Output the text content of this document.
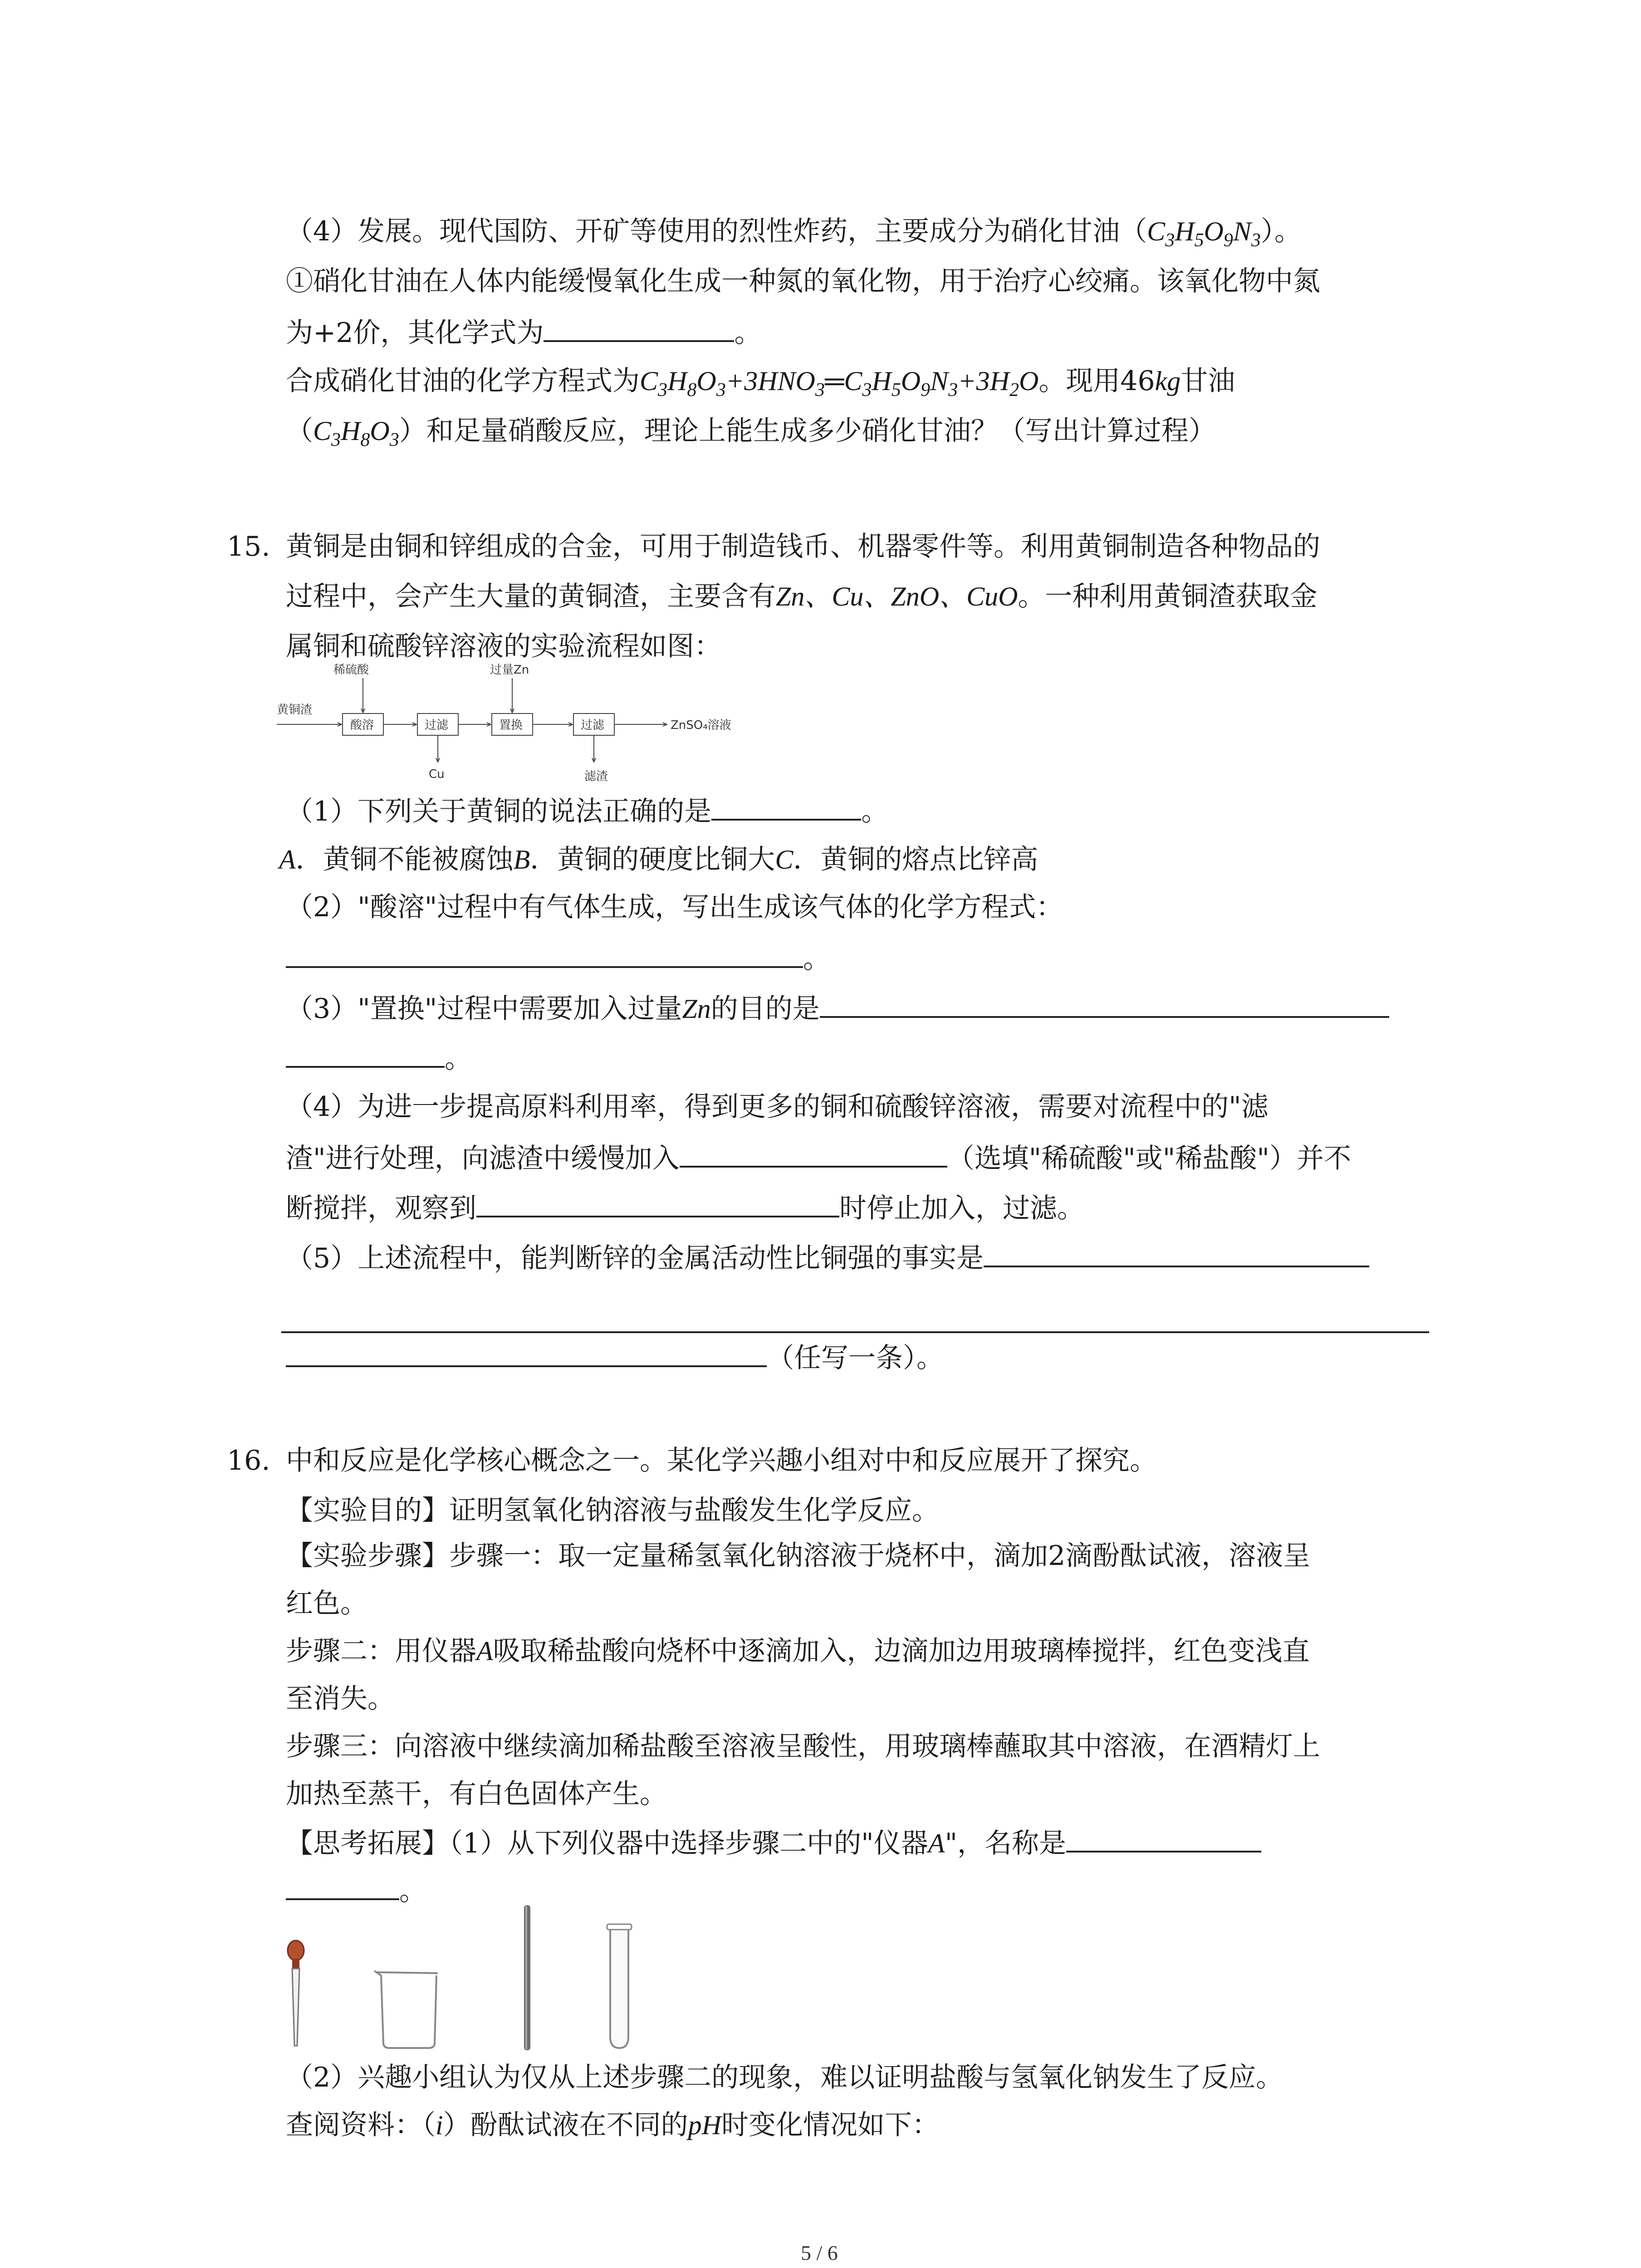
（4）发展。现代国防、开矿等使用的烈性炸药，主要成分为硝化甘油$(C_3H_5O_9N_3)$。
①硝化甘油在人体内能缓慢氧化生成一种氮的氧化物，用于治疗心绞痛。该氧化物中氮
为+2价，其化学式为	。
合成硝化甘油的化学方程式为$C_3H_8O_3+3HNO_3═C_3H_5O_9N_3+3H_2O$。现用46kg甘油
$(C_3H_8O_3)$和足量硝酸反应，理论上能生成多少硝化甘油？（写出计算过程）
15. 黄铜是由铜和锌组成的合金，可用于制造钱币、机器零件等。利用黄铜制造各种物品的
过程中，会产生大量的黄铜渣，主要含有Zn、Cu、ZnO、CuO。一种利用黄铜渣获取金
属铜和硫酸锌溶液的实验流程如图：
黄铜渣
稀硫酸	过量Zn
酸溶	过滤	置换	过滤	ZnSO₄溶液
Cu	滤渣
（1）下列关于黄铜的说法正确的是	。
A．黄铜不能被腐蚀B．黄铜的硬度比铜大C．黄铜的熔点比锌高
（2）"酸溶"过程中有气体生成，写出生成该气体的化学方程式：
。
（3）"置换"过程中需要加入过量Zn的目的是
。
（4）为进一步提高原料利用率，得到更多的铜和硫酸锌溶液，需要对流程中的"滤
渣"进行处理，向滤渣中缓慢加入	（选填"稀硫酸"或"稀盐酸"）并不
断搅拌，观察到	时停止加入，过滤。
（5）上述流程中，能判断锌的金属活动性比铜强的事实是
（任写一条）。
16. 中和反应是化学核心概念之一。某化学兴趣小组对中和反应展开了探究。
【实验目的】证明氢氧化钠溶液与盐酸发生化学反应。
【实验步骤】步骤一：取一定量稀氢氧化钠溶液于烧杯中，滴加2滴酚酞试液，溶液呈
红色。
步骤二：用仪器A吸取稀盐酸向烧杯中逐滴加入，边滴加边用玻璃棒搅拌，红色变浅直
至消失。
步骤三：向溶液中继续滴加稀盐酸至溶液呈酸性，用玻璃棒蘸取其中溶液，在酒精灯上
加热至蒸干，有白色固体产生。
【思考拓展】（1）从下列仪器中选择步骤二中的"仪器A"，名称是
。
（2）兴趣小组认为仅从上述步骤二的现象，难以证明盐酸与氢氧化钠发生了反应。
查阅资料：（i）酚酞试液在不同的pH时变化情况如下：
5 / 6
